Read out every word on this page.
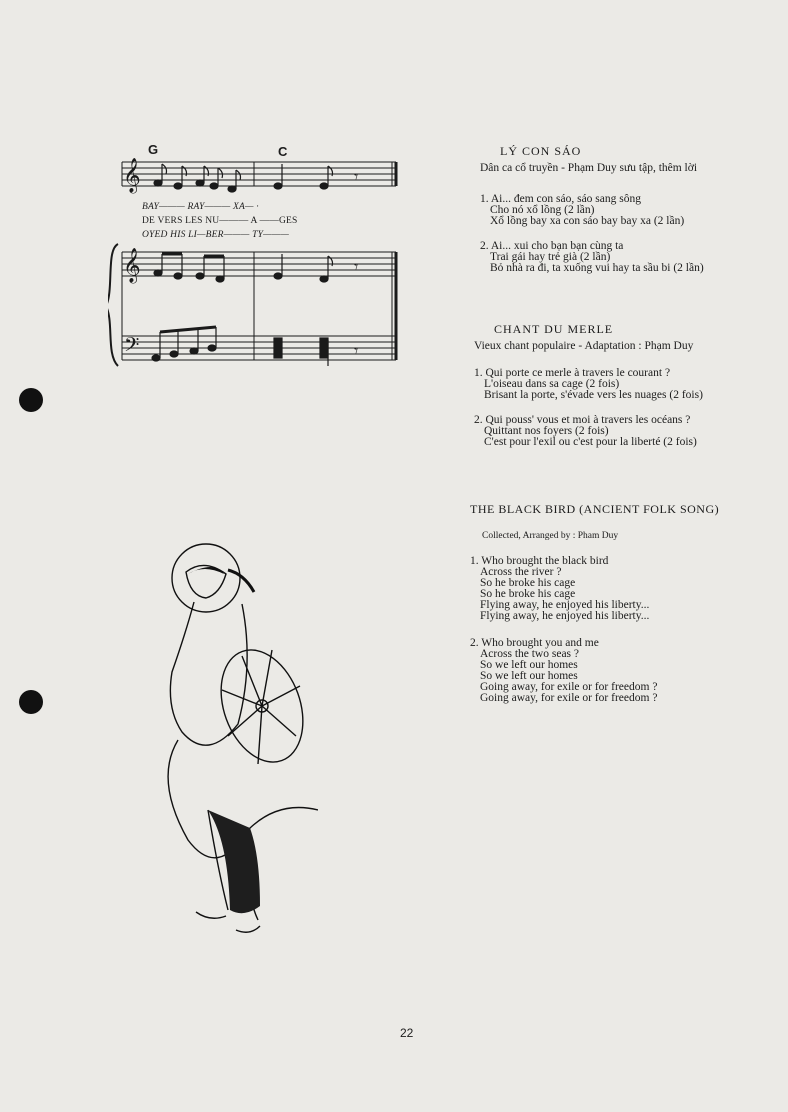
G	C
𝄞
𝄞
𝄢
𝄾
𝄾
𝄾
BAY——— RAY——— XA— ·
DE VERS LES NU——— A ——GES
OYED HIS LI—BER——— TY———
LÝ CON SÁO
Dân ca cổ truyền - Phạm Duy sưu tập, thêm lời
1. Ai... đem con sáo, sáo sang sông
Cho nó xổ lồng (2 lần)
Xổ lồng bay xa con sáo bay bay xa (2 lần)
2. Ai... xui cho bạn bạn cùng ta
Trai gái hay trẻ già (2 lần)
Bỏ nhà ra đi, ta xuống vui hay ta sầu bi (2 lần)
CHANT DU MERLE
Vieux chant populaire - Adaptation : Phạm Duy
1. Qui porte ce merle à travers le courant ?
L'oiseau dans sa cage (2 fois)
Brisant la porte, s'évade vers les nuages (2 fois)
2. Qui pouss' vous et moi à travers les océans ?
Quittant nos foyers (2 fois)
C'est pour l'exil ou c'est pour la liberté (2 fois)
THE BLACK BIRD (ANCIENT FOLK SONG)
Collected, Arranged by : Pham Duy
1. Who brought the black bird
Across the river ?
So he broke his cage
So he broke his cage
Flying away, he enjoyed his liberty...
Flying away, he enjoyed his liberty...
2. Who brought you and me
Across the two seas ?
So we left our homes
So we left our homes
Going away, for exile or for freedom ?
Going away, for exile or for freedom ?
22
